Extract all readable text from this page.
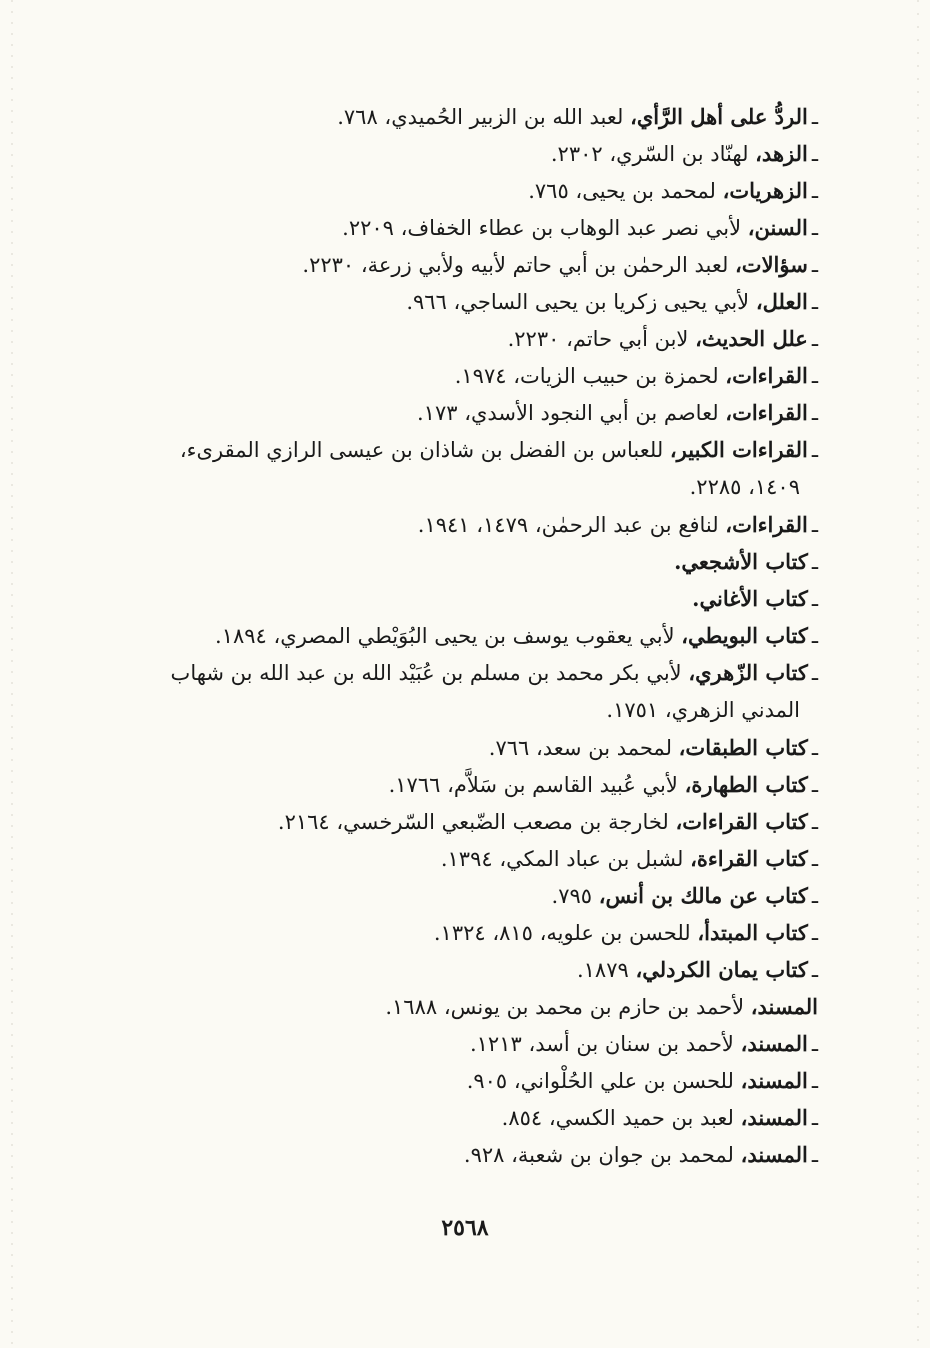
ـالردُّ على أهل الرَّأي، لعبد الله بن الزبير الحُميدي، ٧٦٨.
ـالزهد، لهنّاد بن السّري، ٢٣٠٢.
ـالزهريات، لمحمد بن يحيى، ٧٦٥.
ـالسنن، لأبي نصر عبد الوهاب بن عطاء الخفاف، ٢٢٠٩.
ـسؤالات، لعبد الرحمٰن بن أبي حاتم لأبيه ولأبي زرعة، ٢٢٣٠.
ـالعلل، لأبي يحيى زكريا بن يحيى الساجي، ٩٦٦.
ـعلل الحديث، لابن أبي حاتم، ٢٢٣٠.
ـالقراءات، لحمزة بن حبيب الزيات، ١٩٧٤.
ـالقراءات، لعاصم بن أبي النجود الأسدي، ١٧٣.
ـالقراءات الكبير، للعباس بن الفضل بن شاذان بن عيسى الرازي المقرىء،
١٤٠٩، ٢٢٨٥.
ـالقراءات، لنافع بن عبد الرحمٰن، ١٤٧٩، ١٩٤١.
ـكتاب الأشجعي.
ـكتاب الأغاني.
ـكتاب البويطي، لأبي يعقوب يوسف بن يحيى البُوَيْطي المصري، ١٨٩٤.
ـكتاب الزّهري، لأبي بكر محمد بن مسلم بن عُبَيْد الله بن عبد الله بن شهاب
المدني الزهري، ١٧٥١.
ـكتاب الطبقات، لمحمد بن سعد، ٧٦٦.
ـكتاب الطهارة، لأبي عُبيد القاسم بن سَلاَّم، ١٧٦٦.
ـكتاب القراءات، لخارجة بن مصعب الضّبعي السّرخسي، ٢١٦٤.
ـكتاب القراءة، لشبل بن عباد المكي، ١٣٩٤.
ـكتاب عن مالك بن أنس، ٧٩٥.
ـكتاب المبتدأ، للحسن بن علويه، ٨١٥، ١٣٢٤.
ـكتاب يمان الكردلي، ١٨٧٩.
المسند، لأحمد بن حازم بن محمد بن يونس، ١٦٨٨.
ـالمسند، لأحمد بن سنان بن أسد، ١٢١٣.
ـالمسند، للحسن بن علي الحُلْواني، ٩٠٥.
ـالمسند، لعبد بن حميد الكسي، ٨٥٤.
ـالمسند، لمحمد بن جوان بن شعبة، ٩٢٨.
٢٥٦٨
